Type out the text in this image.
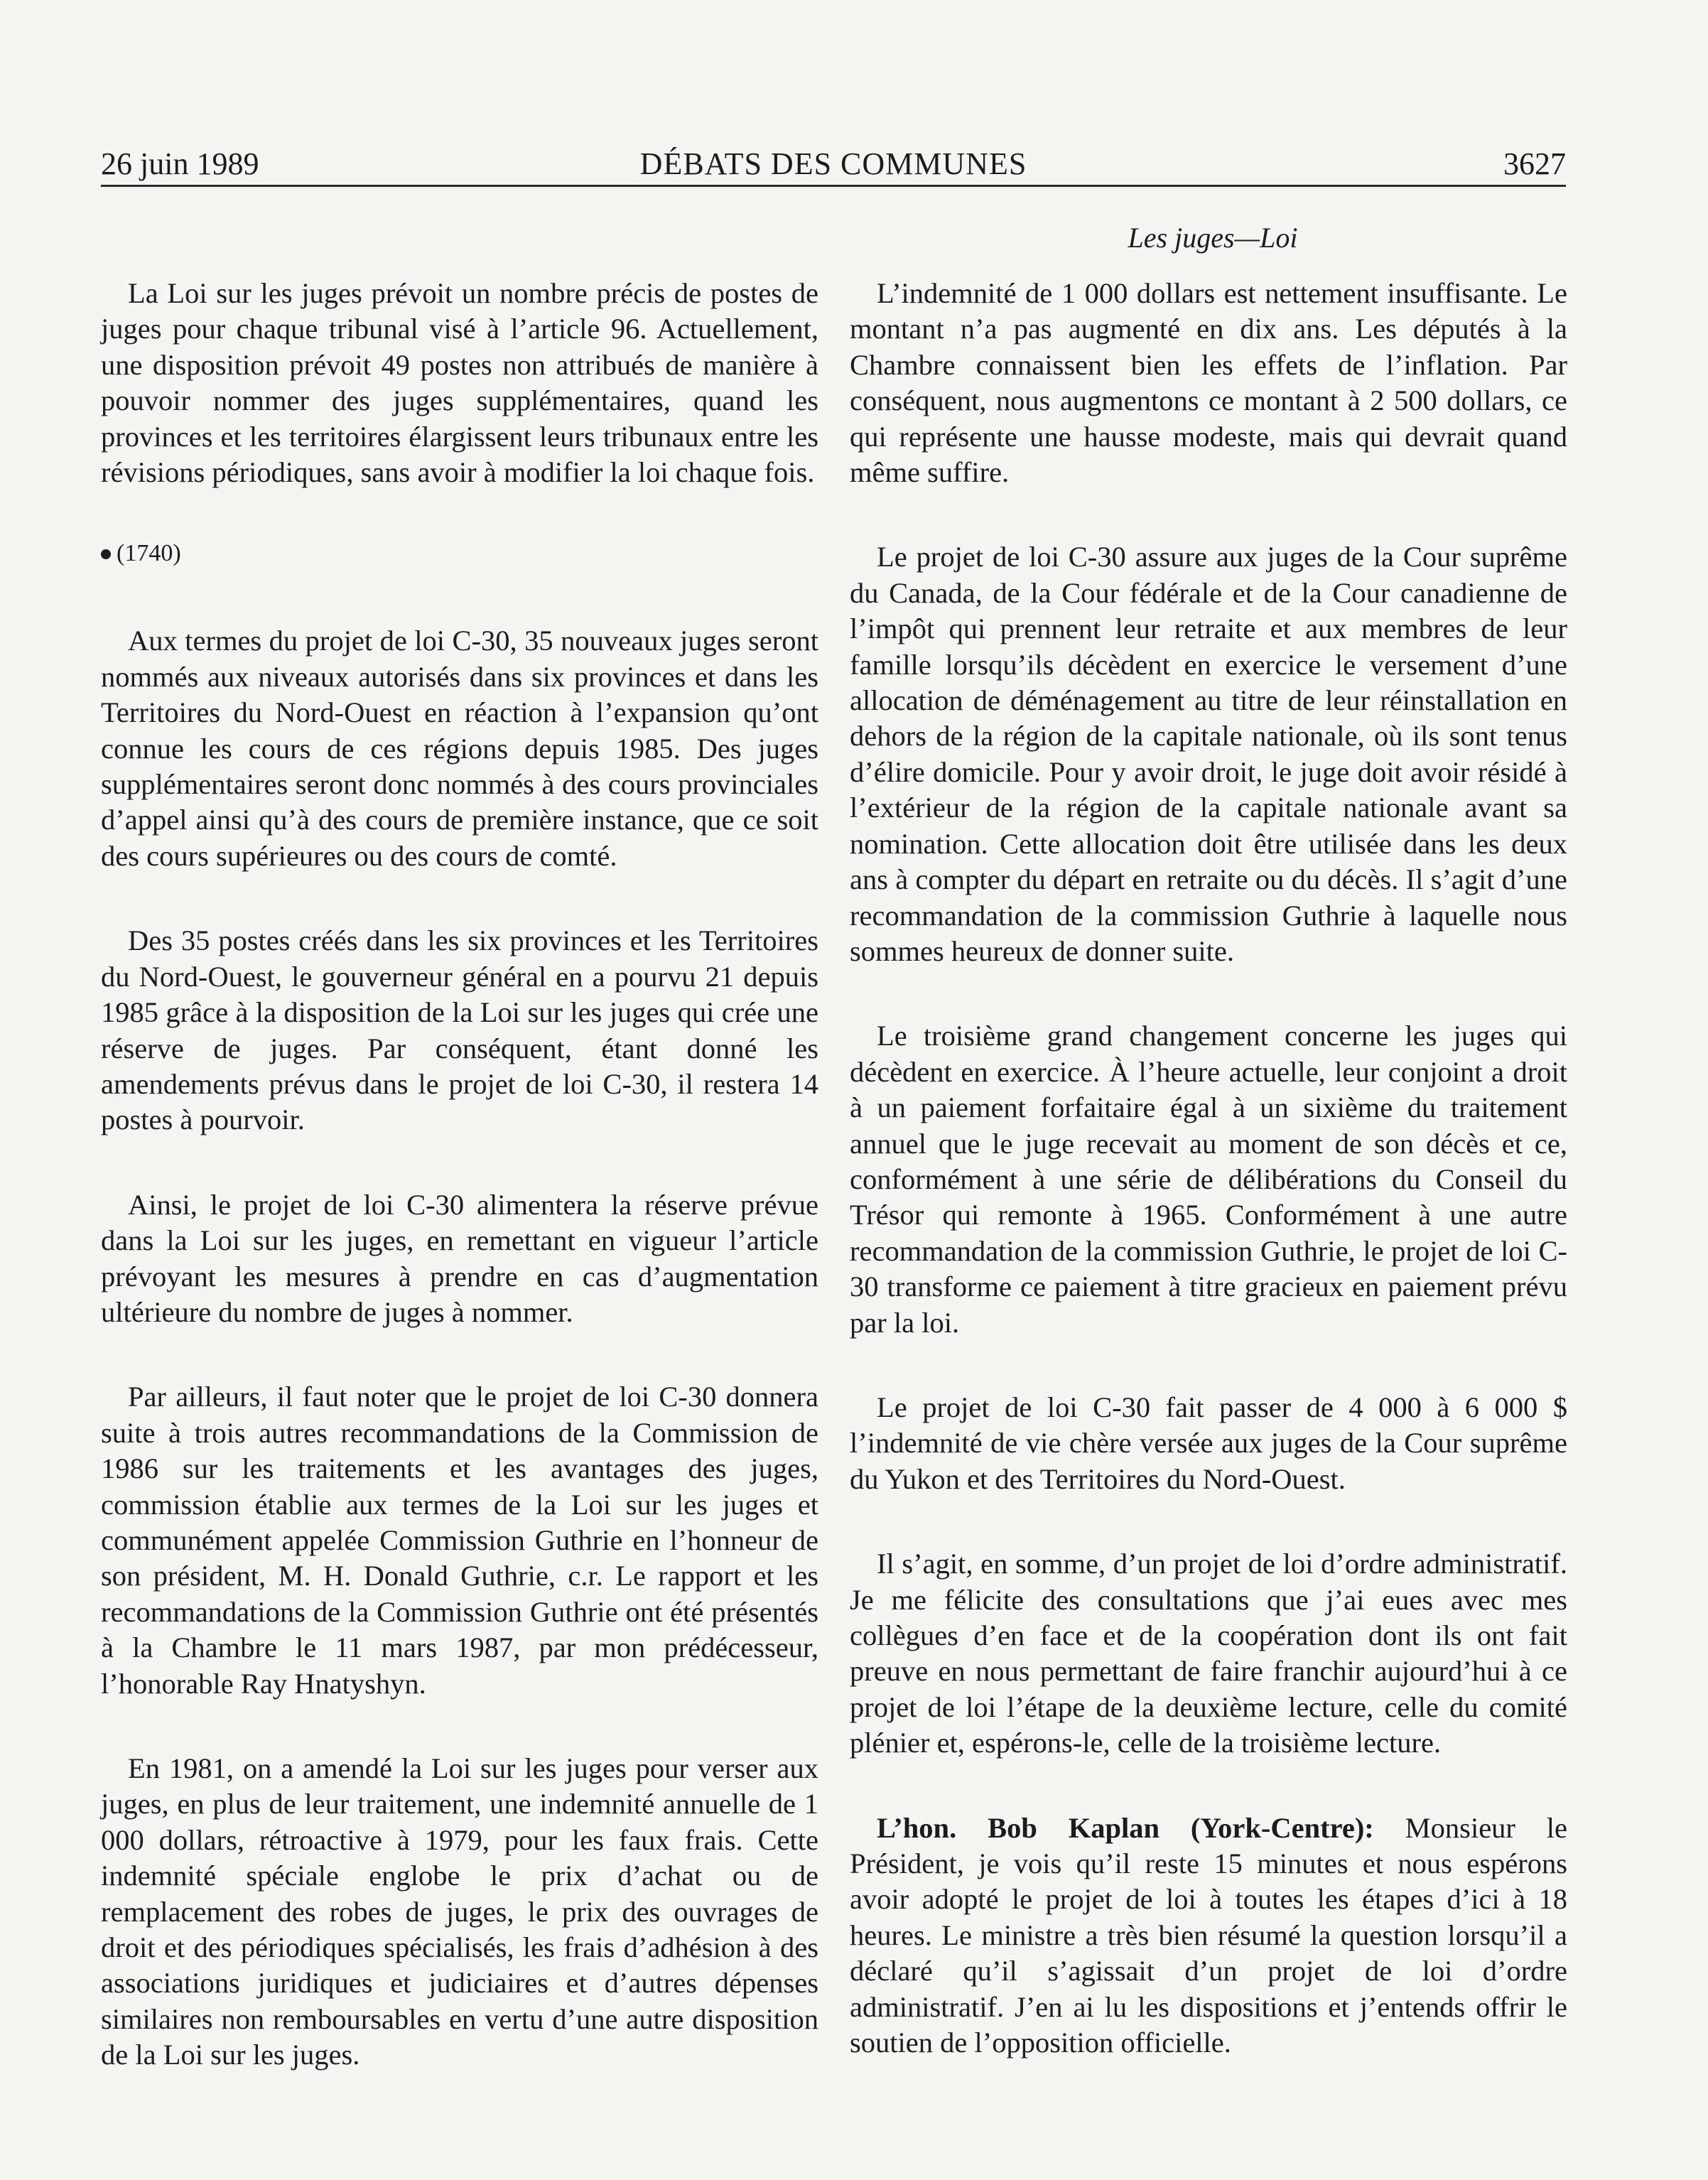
26 juin 1989	DÉBATS DES COMMUNES	3627
Les juges—Loi

La Loi sur les juges prévoit un nombre précis de postes de juges pour chaque tribunal visé à l’article 96. Actuellement, une disposition prévoit 49 postes non attribués de manière à pouvoir nommer des juges supplémentaires, quand les provinces et les territoires élargissent leurs tribunaux entre les révisions périodiques, sans avoir à modifier la loi chaque fois.

(1740)

Aux termes du projet de loi C-30, 35 nouveaux juges seront nommés aux niveaux autorisés dans six provinces et dans les Territoires du Nord-Ouest en réaction à l’expansion qu’ont connue les cours de ces régions depuis 1985. Des juges supplémentaires seront donc nommés à des cours provinciales d’appel ainsi qu’à des cours de première instance, que ce soit des cours supérieures ou des cours de comté.

Des 35 postes créés dans les six provinces et les Territoires du Nord-Ouest, le gouverneur général en a pourvu 21 depuis 1985 grâce à la disposition de la Loi sur les juges qui crée une réserve de juges. Par conséquent, étant donné les amendements prévus dans le projet de loi C-30, il restera 14 postes à pourvoir.

Ainsi, le projet de loi C-30 alimentera la réserve prévue dans la Loi sur les juges, en remettant en vigueur l’article prévoyant les mesures à prendre en cas d’augmentation ultérieure du nombre de juges à nommer.

Par ailleurs, il faut noter que le projet de loi C-30 donnera suite à trois autres recommandations de la Commission de 1986 sur les traitements et les avantages des juges, commission établie aux termes de la Loi sur les juges et communément appelée Commission Guthrie en l’honneur de son président, M. H. Donald Guthrie, c.r. Le rapport et les recommandations de la Commission Guthrie ont été présentés à la Chambre le 11 mars 1987, par mon prédécesseur, l’honorable Ray Hnatyshyn.

En 1981, on a amendé la Loi sur les juges pour verser aux juges, en plus de leur traitement, une indemnité annuelle de 1 000 dollars, rétroactive à 1979, pour les faux frais. Cette indemnité spéciale englobe le prix d’achat ou de remplacement des robes de juges, le prix des ouvrages de droit et des périodiques spécialisés, les frais d’adhésion à des associations juridiques et judiciaires et d’autres dépenses similaires non remboursables en vertu d’une autre disposition de la Loi sur les juges.

L’indemnité de 1 000 dollars est nettement insuffisante. Le montant n’a pas augmenté en dix ans. Les députés à la Chambre connaissent bien les effets de l’inflation. Par conséquent, nous augmentons ce montant à 2 500 dollars, ce qui représente une hausse modeste, mais qui devrait quand même suffire.

Le projet de loi C-30 assure aux juges de la Cour suprême du Canada, de la Cour fédérale et de la Cour canadienne de l’impôt qui prennent leur retraite et aux membres de leur famille lorsqu’ils décèdent en exercice le versement d’une allocation de déménagement au titre de leur réinstallation en dehors de la région de la capitale nationale, où ils sont tenus d’élire domicile. Pour y avoir droit, le juge doit avoir résidé à l’extérieur de la région de la capitale nationale avant sa nomination. Cette allocation doit être utilisée dans les deux ans à compter du départ en retraite ou du décès. Il s’agit d’une recommandation de la commission Guthrie à laquelle nous sommes heureux de donner suite.

Le troisième grand changement concerne les juges qui décèdent en exercice. À l’heure actuelle, leur conjoint a droit à un paiement forfaitaire égal à un sixième du traitement annuel que le juge recevait au moment de son décès et ce, conformément à une série de délibérations du Conseil du Trésor qui remonte à 1965. Conformément à une autre recommandation de la commission Guthrie, le projet de loi C-30 transforme ce paiement à titre gracieux en paiement prévu par la loi.

Le projet de loi C-30 fait passer de 4 000 à 6 000 $ l’indemnité de vie chère versée aux juges de la Cour suprême du Yukon et des Territoires du Nord-Ouest.

Il s’agit, en somme, d’un projet de loi d’ordre administratif. Je me félicite des consultations que j’ai eues avec mes collègues d’en face et de la coopération dont ils ont fait preuve en nous permettant de faire franchir aujourd’hui à ce projet de loi l’étape de la deuxième lecture, celle du comité plénier et, espérons-le, celle de la troisième lecture.

L’hon. Bob Kaplan (York-Centre): Monsieur le Président, je vois qu’il reste 15 minutes et nous espérons avoir adopté le projet de loi à toutes les étapes d’ici à 18 heures. Le ministre a très bien résumé la question lorsqu’il a déclaré qu’il s’agissait d’un projet de loi d’ordre administratif. J’en ai lu les dispositions et j’entends offrir le soutien de l’opposition officielle.
